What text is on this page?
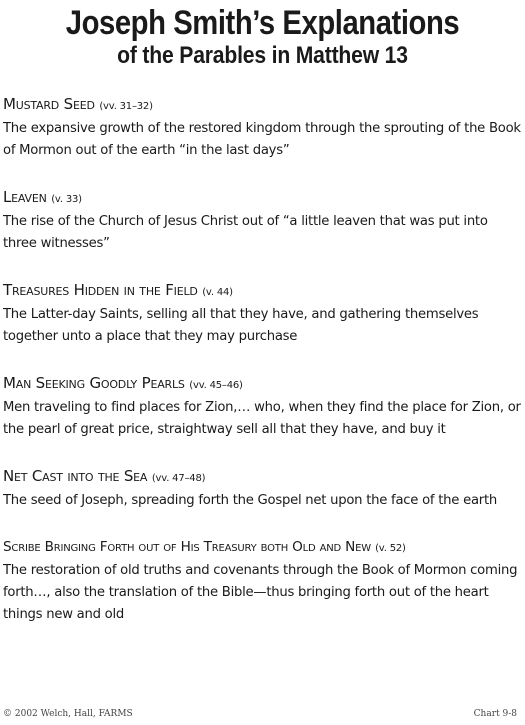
Joseph Smith’s Explanations
of the Parables in Matthew 13
Mustard Seed (vv. 31–32)
The expansive growth of the restored kingdom through the sprouting of the Book of Mormon out of the earth “in the last days”
Leaven (v. 33)
The rise of the Church of Jesus Christ out of “a little leaven that was put into three witnesses”
Treasures Hidden in the Field (v. 44)
The Latter-day Saints, selling all that they have, and gathering themselves together unto a place that they may purchase
Man Seeking Goodly Pearls (vv. 45–46)
Men traveling to find places for Zion,… who, when they find the place for Zion, or the pearl of great price, straightway sell all that they have, and buy it
Net Cast into the Sea (vv. 47–48)
The seed of Joseph, spreading forth the Gospel net upon the face of the earth
Scribe Bringing Forth out of His Treasury both Old and New (v. 52)
The restoration of old truths and covenants through the Book of Mormon coming forth…, also the translation of the Bible—thus bringing forth out of the heart things new and old
© 2002 Welch, Hall, FARMS	Chart 9-8
